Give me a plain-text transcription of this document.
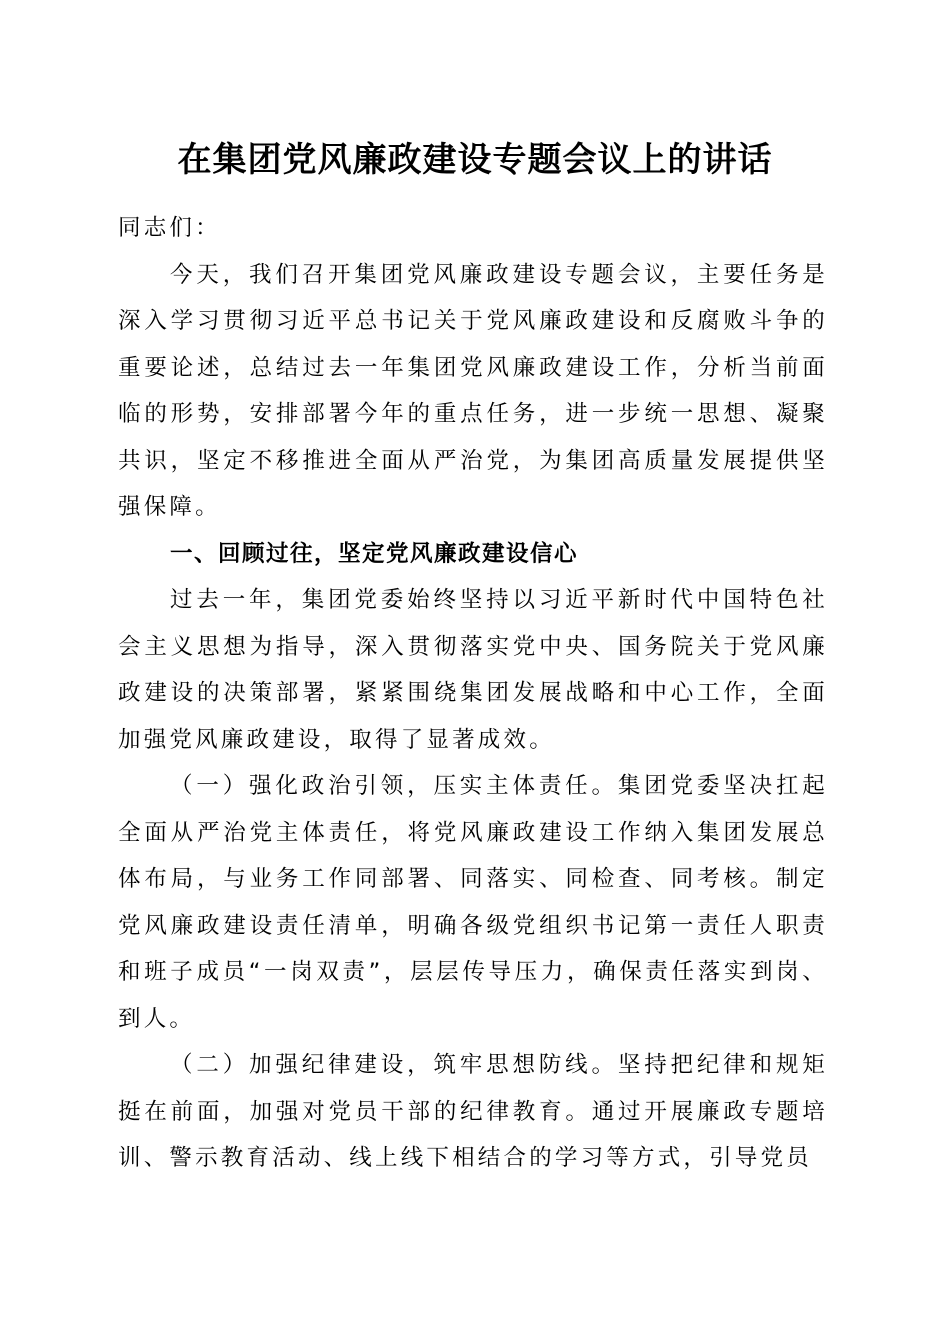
在集团党风廉政建设专题会议上的讲话

同志们：

今天，我们召开集团党风廉政建设专题会议，主要任务是深入学习贯彻习近平总书记关于党风廉政建设和反腐败斗争的重要论述，总结过去一年集团党风廉政建设工作，分析当前面临的形势，安排部署今年的重点任务，进一步统一思想、凝聚共识，坚定不移推进全面从严治党，为集团高质量发展提供坚强保障。

一、回顾过往，坚定党风廉政建设信心

过去一年，集团党委始终坚持以习近平新时代中国特色社会主义思想为指导，深入贯彻落实党中央、国务院关于党风廉政建设的决策部署，紧紧围绕集团发展战略和中心工作，全面加强党风廉政建设，取得了显著成效。

（一）强化政治引领，压实主体责任。集团党委坚决扛起全面从严治党主体责任，将党风廉政建设工作纳入集团发展总体布局，与业务工作同部署、同落实、同检查、同考核。制定党风廉政建设责任清单，明确各级党组织书记第一责任人职责和班子成员“一岗双责”，层层传导压力，确保责任落实到岗、到人。

（二）加强纪律建设，筑牢思想防线。坚持把纪律和规矩挺在前面，加强对党员干部的纪律教育。通过开展廉政专题培训、警示教育活动、线上线下相结合的学习等方式，引导党员
